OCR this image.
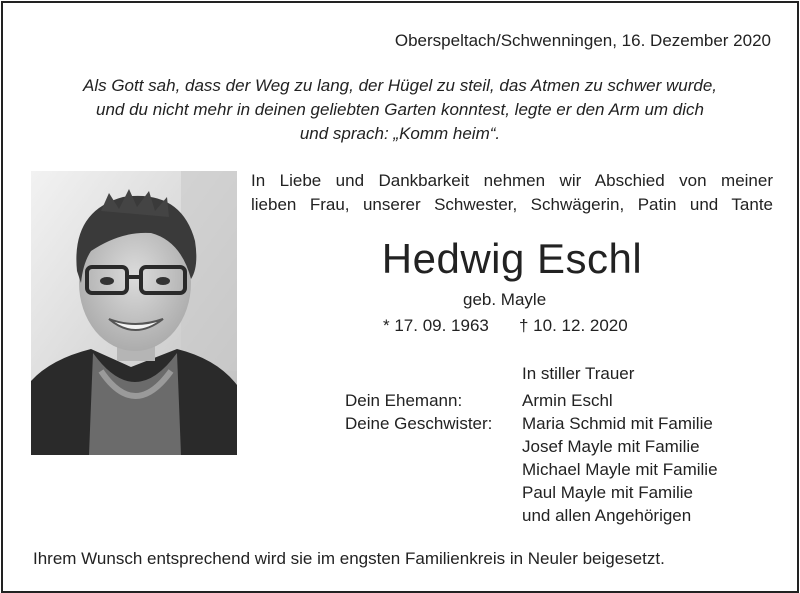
Oberspeltach/Schwenningen, 16. Dezember 2020
Als Gott sah, dass der Weg zu lang, der Hügel zu steil, das Atmen zu schwer wurde,
und du nicht mehr in deinen geliebten Garten konntest, legte er den Arm um dich
und sprach: „Komm heim“.
In Liebe und Dankbarkeit nehmen wir Abschied von meiner
lieben Frau, unserer Schwester, Schwägerin, Patin und Tante
Hedwig Eschl
geb. Mayle
* 17. 09. 1963 † 10. 12. 2020
In stiller Trauer
Dein Ehemann:	Armin Eschl
Deine Geschwister: Maria Schmid mit Familie
Josef Mayle mit Familie
Michael Mayle mit Familie
Paul Mayle mit Familie
und allen Angehörigen
Ihrem Wunsch entsprechend wird sie im engsten Familienkreis in Neuler beigesetzt.
